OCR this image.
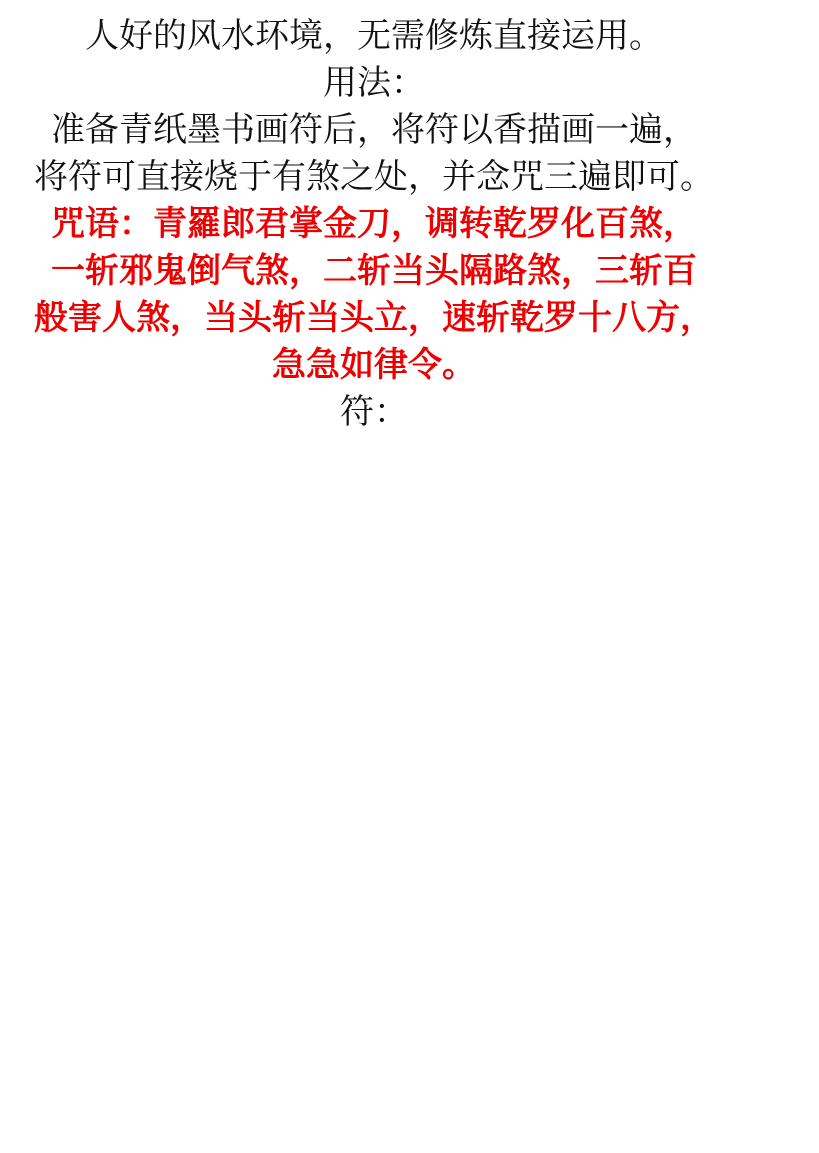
人好的风水环境，无需修炼直接运用。
用法：
准备青纸墨书画符后，将符以香描画一遍，
将符可直接烧于有煞之处，并念咒三遍即可。
咒语：青羅郎君掌金刀，调转乾罗化百煞，
一斩邪鬼倒气煞，二斩当头隔路煞，三斩百
般害人煞，当头斩当头立，速斩乾罗十八方，
急急如律令。
符：
